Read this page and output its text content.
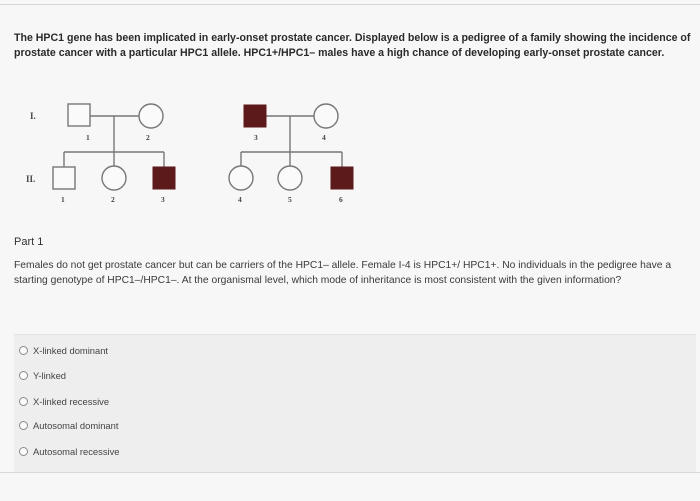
The HPC1 gene has been implicated in early-onset prostate cancer. Displayed below is a pedigree of a family showing the incidence of prostate cancer with a particular HPC1 allele. HPC1+/HPC1– males have a high chance of developing early-onset prostate cancer.
I.
II.
1	2	3	4
1	2	3	4	5	6
Part 1
Females do not get prostate cancer but can be carriers of the HPC1– allele. Female I-4 is HPC1+/ HPC1+. No individuals in the pedigree have a starting genotype of HPC1–/HPC1–. At the organismal level, which mode of inheritance is most consistent with the given information?
X-linked dominant
Y-linked
X-linked recessive
Autosomal dominant
Autosomal recessive
